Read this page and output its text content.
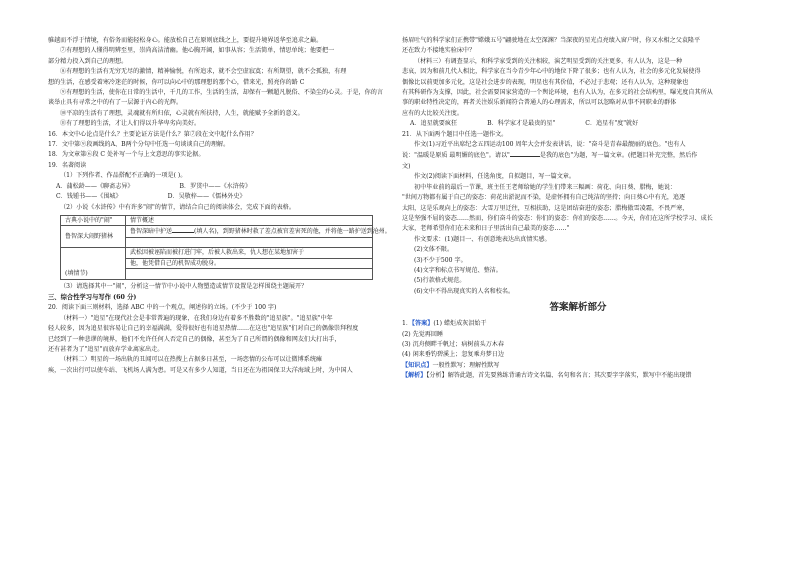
骓越而不浮于情境，有俗务而能轻松身心。能放松自己在原则底线之上，要提升境界返华至追求之巅。

⑦有理想的人懂得明辨至里，崇尚高洁清幽。他心胸开阔，如事从容；生活简单，情思单纯；他要把一

部分精力投入到自己的理想。

⑧有理想的生活有无穷无尽的激情，精神愉悦，有所追求，就不会空虚寂寞；有所期望，就不会孤独，有理

想的生活，在感受着寒冷迷茫的时候，你可以向心中的那理想的那个心，借来光，照亮你的路 C

⑨有理想的生活，使你在日常的生活中，千几的工作，生活的生活，却保有一颗超凡脱俗、不染尘的心灵。于是，你的言

谈举止具有寻常之中的有了一层源于内心的光辉。

⑩平凉的生活有了理想，灵魂就有所归依，心灵就有所扶持，人生，就能赋予全新的意义。

⑪有了理想的生活，才让人们得以升华卑劣向美好。

16．本文中心论点是什么？主要论证方法是什么？第⑦段在文中起什么作用？

17．文中第⑨段画线的A、B两个分句中任选一句谈谈自己的理解。

18．为文章第⑥段 C 处补写一个与上文意思的事实论据。

19．名著阅读

（1）下列作者、作品搭配不正确的一项是( )。

A．蒲松龄——《聊斋志异》	B．罗贯中——《水浒传》
C．钱锺书——《围城》	D．吴敬梓——《儒林外史》

（2）小说《水浒传》中有许多"闹"的情节，请结合自己的阅读体会，完成下面的表格。

古典小说中的"闹"	情节概述
鲁智深大闹野猪林	鲁智深暗中护送 (填人名)，到野猪林时救了差点被官差害死的他，并将他一路护送到沧州。

(填情节)	武松因被诬陷而被打进门牢，后被人救出来，仇人想在某地加害于
	他，他凭借自己的机智成功脱身。

（3）请选择其中一"闹"，分析这一情节中小说中人物塑造或情节设置是怎样围绕主题展开？

三、综合性学习与写作 (60 分)

20．阅读下面三则材料，选择 ABC 中的一个观点，阐述你的立场。(不少于 100 字)

（材料一）"追星"在现代社会是非常普遍的现象，在我们身边有着多不胜数的"追星族"。"追星族"中年

轻人较多，因为追星很容易让自己的幸福满满，爱得很好也有追星热情……在这也"追星族"们对自己的偶像崇拜程度

已经到了一种悲谬的境界，他们不允许任何人否定自己的偶像，甚至为了自己所谓的偶像和网友们大打出手，

还有甚者为了"追星"而放弃学业离家出走。

（材料二）明星的一场出轨的丑闻可以在热搜上占据多日甚至，一场恋情的公布可以让微博系统瘫

痪，一次出行可以使车站、飞机场人满为患。可是又有多少人知道，当日还在为祖国保卫大洋海域上时，为中国人

扬眉吐气的科学家们正携带"嫦娥五号"翩驶地在太空深渊？当深夜的星光点亮绩入窗户时，你又水相之父袁隆平

还在致力不接地实验床中？

（材料三）有调查显示，和科学家受到的关注相较，演艺明星受到的关注更多，有人认为，这是一种

悲哀，因为和前几代人相比，科学家在当今青少年心中的地位下降了很多；也有人认为，社会的多元化发展使得

偶像比以前更加多元化，这是社会进步的表现，明星也有其价值，不必过于悲观；还有人认为，这种现象也

有其科研作为支撑，因此，社会需要国家营造的一个舆论环境，也有人认为，在多元的社会结构里，曝光度自其所从

事的职业特性决定的，再者关注娱乐新闻符合普通人的心理需求，所以可以忽略对从事不同职业的群体

应有的大比较关注度。

A．追星就要疯狂	B．科学家才是最贵的星"	C．追星有"度"就好

21．从下面两个题目中任选一题作文。

作文(1)习近平出席纪念五四运动100 周年大会并发表讲话，说："奋斗是青春最靓丽的底色。"也有人

说："温暖是原质 最明媚的底色"。请以"	是我的底色"为题，写一篇文章。(把题目补充完整，然后作

文)

作文(2)阅读下面材料，任选角度，自拟题目，写一篇文章。

初中毕业前的最后一节课，班主任王老师给她的学生们带来三幅画：荷花、向日葵、腊梅，她说：

"世间万物都有属于自己的姿态：荷花出淤泥而不染，是虚怀拥有自己纯洁的坚持；向日葵心中有光，追逐

太阳，这是乐观向上的姿态：大雪万里迁往，互相扶助，这是团结奋进的姿态；腊梅傲雪凌霜，不畏严寒，

这是坚强不屈的姿态……然而，你们奋斗的姿态：你们的姿态：你们的姿态……。今天，你们在这所学校学习、成长

大家，老师希望你们在未来和日子里活出自己最美的姿态……"

作文要求：(1)题目一、有创意地表达出真情实感。

(2)文体不限。

(3)不少于500 字。

(4)文字和标点书写规范、整洁。

(5)行款格式规范。

(6)文中不得出现真实的人名和校名。

答案解析部分

1．【答案】(1) 蜡炬成灰泪始干

(2) 先觉再回睡

(3) 沉舟侧畔千帆过；病树前头万木春

(4) 闲来垂钓碧溪上；忽复乘舟梦日边

【知识点】一般性默写；理解性默写

【解析】【分析】解答此题，首先要熟练背诵古诗文名篇、名句和名言；其次要字字落实，默写中不能出现错
